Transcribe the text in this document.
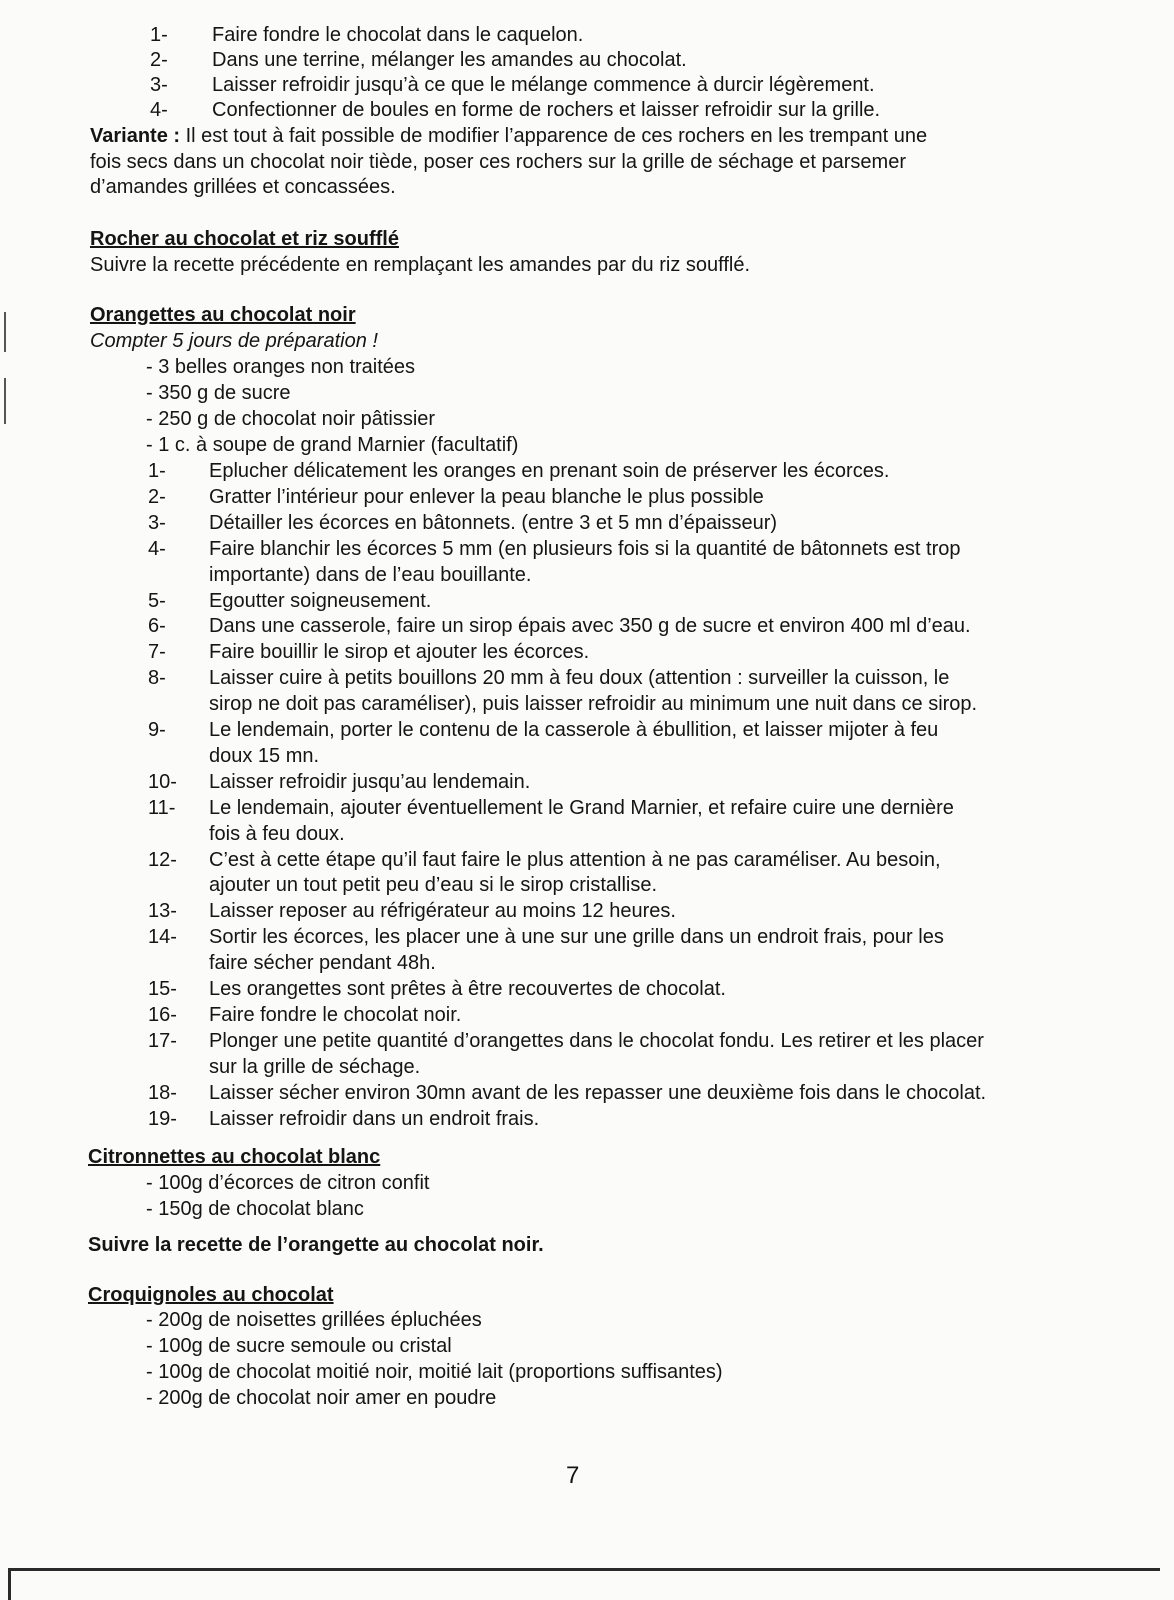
1- Faire fondre le chocolat dans le caquelon.
2- Dans une terrine, mélanger les amandes au chocolat.
3- Laisser refroidir jusqu’à ce que le mélange commence à durcir légèrement.
4- Confectionner de boules en forme de rochers et laisser refroidir sur la grille.
Variante : Il est tout à fait possible de modifier l’apparence de ces rochers en les trempant une
fois secs dans un chocolat noir tiède, poser ces rochers sur la grille de séchage et parsemer
d’amandes grillées et concassées.
Rocher au chocolat et riz soufflé
Suivre la recette précédente en remplaçant les amandes par du riz soufflé.
Orangettes au chocolat noir
Compter 5 jours de préparation !
- 3 belles oranges non traitées
- 350 g de sucre
- 250 g de chocolat noir pâtissier
- 1 c. à soupe de grand Marnier (facultatif)
1- Eplucher délicatement les oranges en prenant soin de préserver les écorces.
2- Gratter l’intérieur pour enlever la peau blanche le plus possible
3- Détailler les écorces en bâtonnets. (entre 3 et 5 mn d’épaisseur)
4- Faire blanchir les écorces 5 mm (en plusieurs fois si la quantité de bâtonnets est trop
importante) dans de l’eau bouillante.
5- Egoutter soigneusement.
6- Dans une casserole, faire un sirop épais avec 350 g de sucre et environ 400 ml d’eau.
7- Faire bouillir le sirop et ajouter les écorces.
8- Laisser cuire à petits bouillons 20 mm à feu doux (attention : surveiller la cuisson, le
sirop ne doit pas caraméliser), puis laisser refroidir au minimum une nuit dans ce sirop.
9- Le lendemain, porter le contenu de la casserole à ébullition, et laisser mijoter à feu
doux 15 mn.
10- Laisser refroidir jusqu’au lendemain.
11- Le lendemain, ajouter éventuellement le Grand Marnier, et refaire cuire une dernière
fois à feu doux.
12- C’est à cette étape qu’il faut faire le plus attention à ne pas caraméliser. Au besoin,
ajouter un tout petit peu d’eau si le sirop cristallise.
13- Laisser reposer au réfrigérateur au moins 12 heures.
14- Sortir les écorces, les placer une à une sur une grille dans un endroit frais, pour les
faire sécher pendant 48h.
15- Les orangettes sont prêtes à être recouvertes de chocolat.
16- Faire fondre le chocolat noir.
17- Plonger une petite quantité d’orangettes dans le chocolat fondu. Les retirer et les placer
sur la grille de séchage.
18- Laisser sécher environ 30mn avant de les repasser une deuxième fois dans le chocolat.
19- Laisser refroidir dans un endroit frais.
Citronnettes au chocolat blanc
- 100g d’écorces de citron confit
- 150g de chocolat blanc
Suivre la recette de l’orangette au chocolat noir.
Croquignoles au chocolat
- 200g de noisettes grillées épluchées
- 100g de sucre semoule ou cristal
- 100g de chocolat moitié noir, moitié lait (proportions suffisantes)
- 200g de chocolat noir amer en poudre
7
